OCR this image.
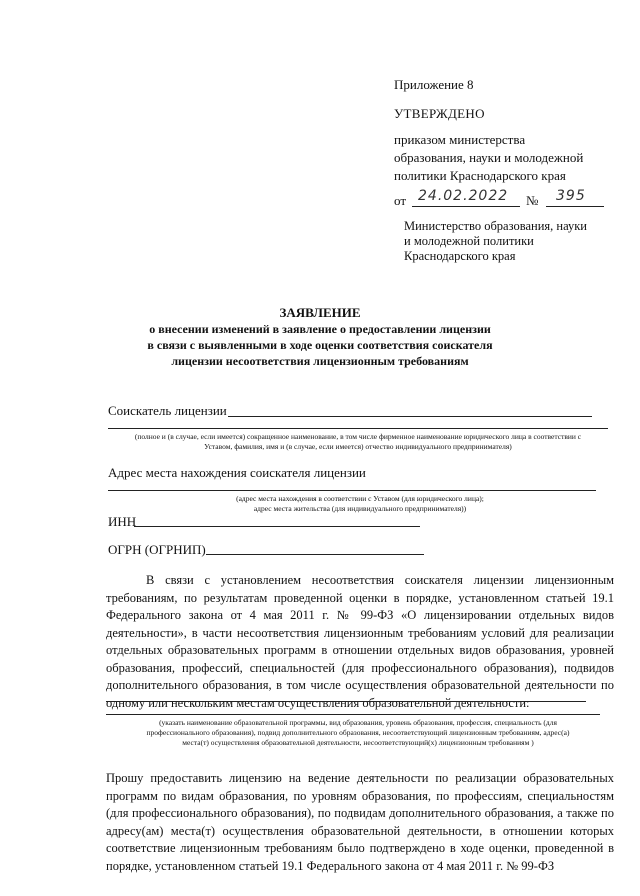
Приложение 8
УТВЕРЖДЕНО
приказом министерства
образования, науки и молодежной
политики Краснодарского края
от 24.02.2022 № 395
Министерство образования, науки
и молодежной политики
Краснодарского края
ЗАЯВЛЕНИЕ
о внесении изменений в заявление о предоставлении лицензии
в связи с выявленными в ходе оценки соответствия соискателя
лицензии несоответствия лицензионным требованиям
Соискатель лицензии
(полное и (в случае, если имеется) сокращенное наименование, в том числе фирменное наименование юридического лица в соответствии с
Уставом, фамилия, имя и (в случае, если имеется) отчество индивидуального предпринимателя)
Адрес места нахождения соискателя лицензии
(адрес места нахождения в соответствии с Уставом (для юридического лица);
адрес места жительства (для индивидуального предпринимателя))
ИНН
ОГРН (ОГРНИП)
В связи с установлением несоответствия соискателя лицензии лицензионным требованиям, по результатам проведенной оценки в порядке, установленном статьей 19.1 Федерального закона от 4 мая 2011 г. № 99-ФЗ «О лицензировании отдельных видов деятельности», в части несоответствия лицензионным требованиям условий для реализации отдельных образовательных программ в отношении отдельных видов образования, уровней образования, профессий, специальностей (для профессионального образования), подвидов дополнительного образования, в том числе осуществления образовательной деятельности по одному или нескольким местам осуществления образовательной деятельности:
(указать наименование образовательной программы, вид образования, уровень образования, профессия, специальность (для
профессионального образования), подвид дополнительного образования, несоответствующий лицензионным требованиям, адрес(а)
места(т) осуществления образовательной деятельности, несоответствующий(х) лицензионным требованиям )
Прошу предоставить лицензию на ведение деятельности по реализации образовательных программ по видам образования, по уровням образования, по профессиям, специальностям (для профессионального образования), по подвидам дополнительного образования, а также по адресу(ам) места(т) осуществления образовательной деятельности, в отношении которых соответствие лицензионным требованиям было подтверждено в ходе оценки, проведенной в порядке, установленном статьей 19.1 Федерального закона от 4 мая 2011 г. № 99-ФЗ
